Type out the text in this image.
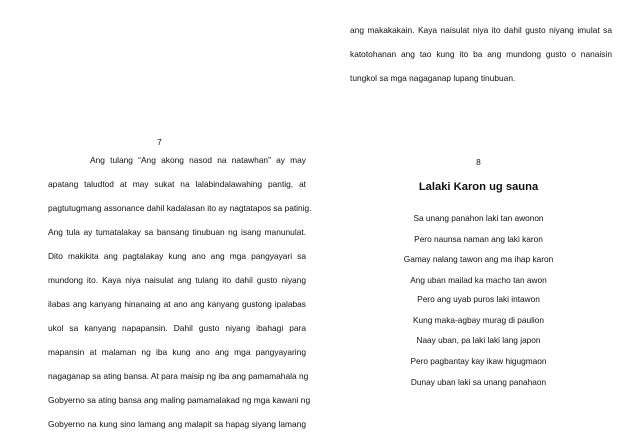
7
Ang tulang “Ang akong nasod na natawhan” ay may
apatang taludtod at may sukat na lalabindalawahing pantig, at
pagtutugmang assonance dahil kadalasan ito ay nagtatapos sa patinig.
Ang tula ay tumatalakay sa bansang tinubuan ng isang manunulat.
Dito makikita ang pagtalakay kung ano ang mga pangyayari sa
mundong ito. Kaya niya naisulat ang tulang ito dahil gusto niyang
ilabas ang kanyang hinanaing at ano ang kanyang gustong ipalabas
ukol sa kanyang napapansin. Dahil gusto niyang ibahagi para
mapansin at malaman ng iba kung ano ang mga pangyayaring
nagaganap sa ating bansa. At para maisip ng iba ang pamamahala ng
Gobyerno sa ating bansa ang maling pamamalakad ng mga kawani ng
Gobyerno na kung sino lamang ang malapit sa hapag siyang lamang
ang makakakain. Kaya naisulat niya ito dahil gusto niyang imulat sa
katotohanan ang tao kung ito ba ang mundong gusto o nanaisin
tungkol sa mga nagaganap lupang tinubuan.
8
Lalaki Karon ug sauna
Sa unang panahon laki tan awonon
Pero naunsa naman ang laki karon
Gamay nalang tawon ang ma ihap karon
Ang uban mailad ka macho tan awon
Pero ang uyab puros laki intawon
Kung maka-agbay murag di paulion
Naay uban, pa laki laki lang japon
Pero pagbantay kay ikaw higugmaon
Dunay uban laki sa unang panahaon
